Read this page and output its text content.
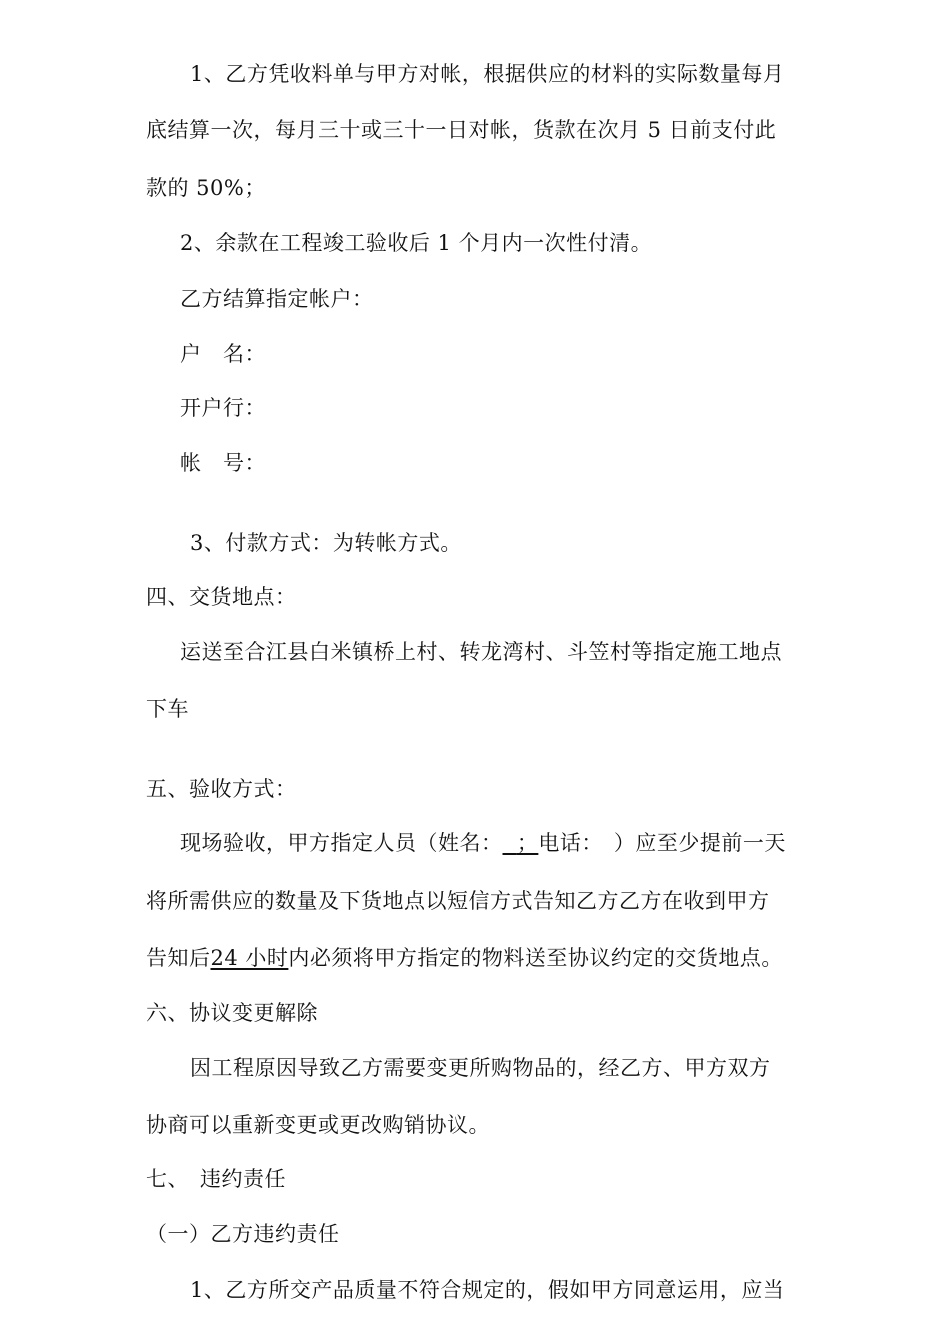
1、乙方凭收料单与甲方对帐，根据供应的材料的实际数量每月
底结算一次，每月三十或三十一日对帐，货款在次月 5 日前支付此
款的 50%；
2、余款在工程竣工验收后 1 个月内一次性付清。
乙方结算指定帐户：
户　名：
开户行：
帐　号：
3、付款方式：为转帐方式。
四、交货地点：
运送至合江县白米镇桥上村、转龙湾村、斗笠村等指定施工地点
下车
五、验收方式：
现场验收，甲方指定人员（姓名： ；电话：　）应至少提前一天
将所需供应的数量及下货地点以短信方式告知乙方乙方在收到甲方
告知后24 小时内必须将甲方指定的物料送至协议约定的交货地点。
六、协议变更解除
因工程原因导致乙方需要变更所购物品的，经乙方、甲方双方
协商可以重新变更或更改购销协议。
七、　违约责任
（一）乙方违约责任
1、乙方所交产品质量不符合规定的，假如甲方同意运用，应当
